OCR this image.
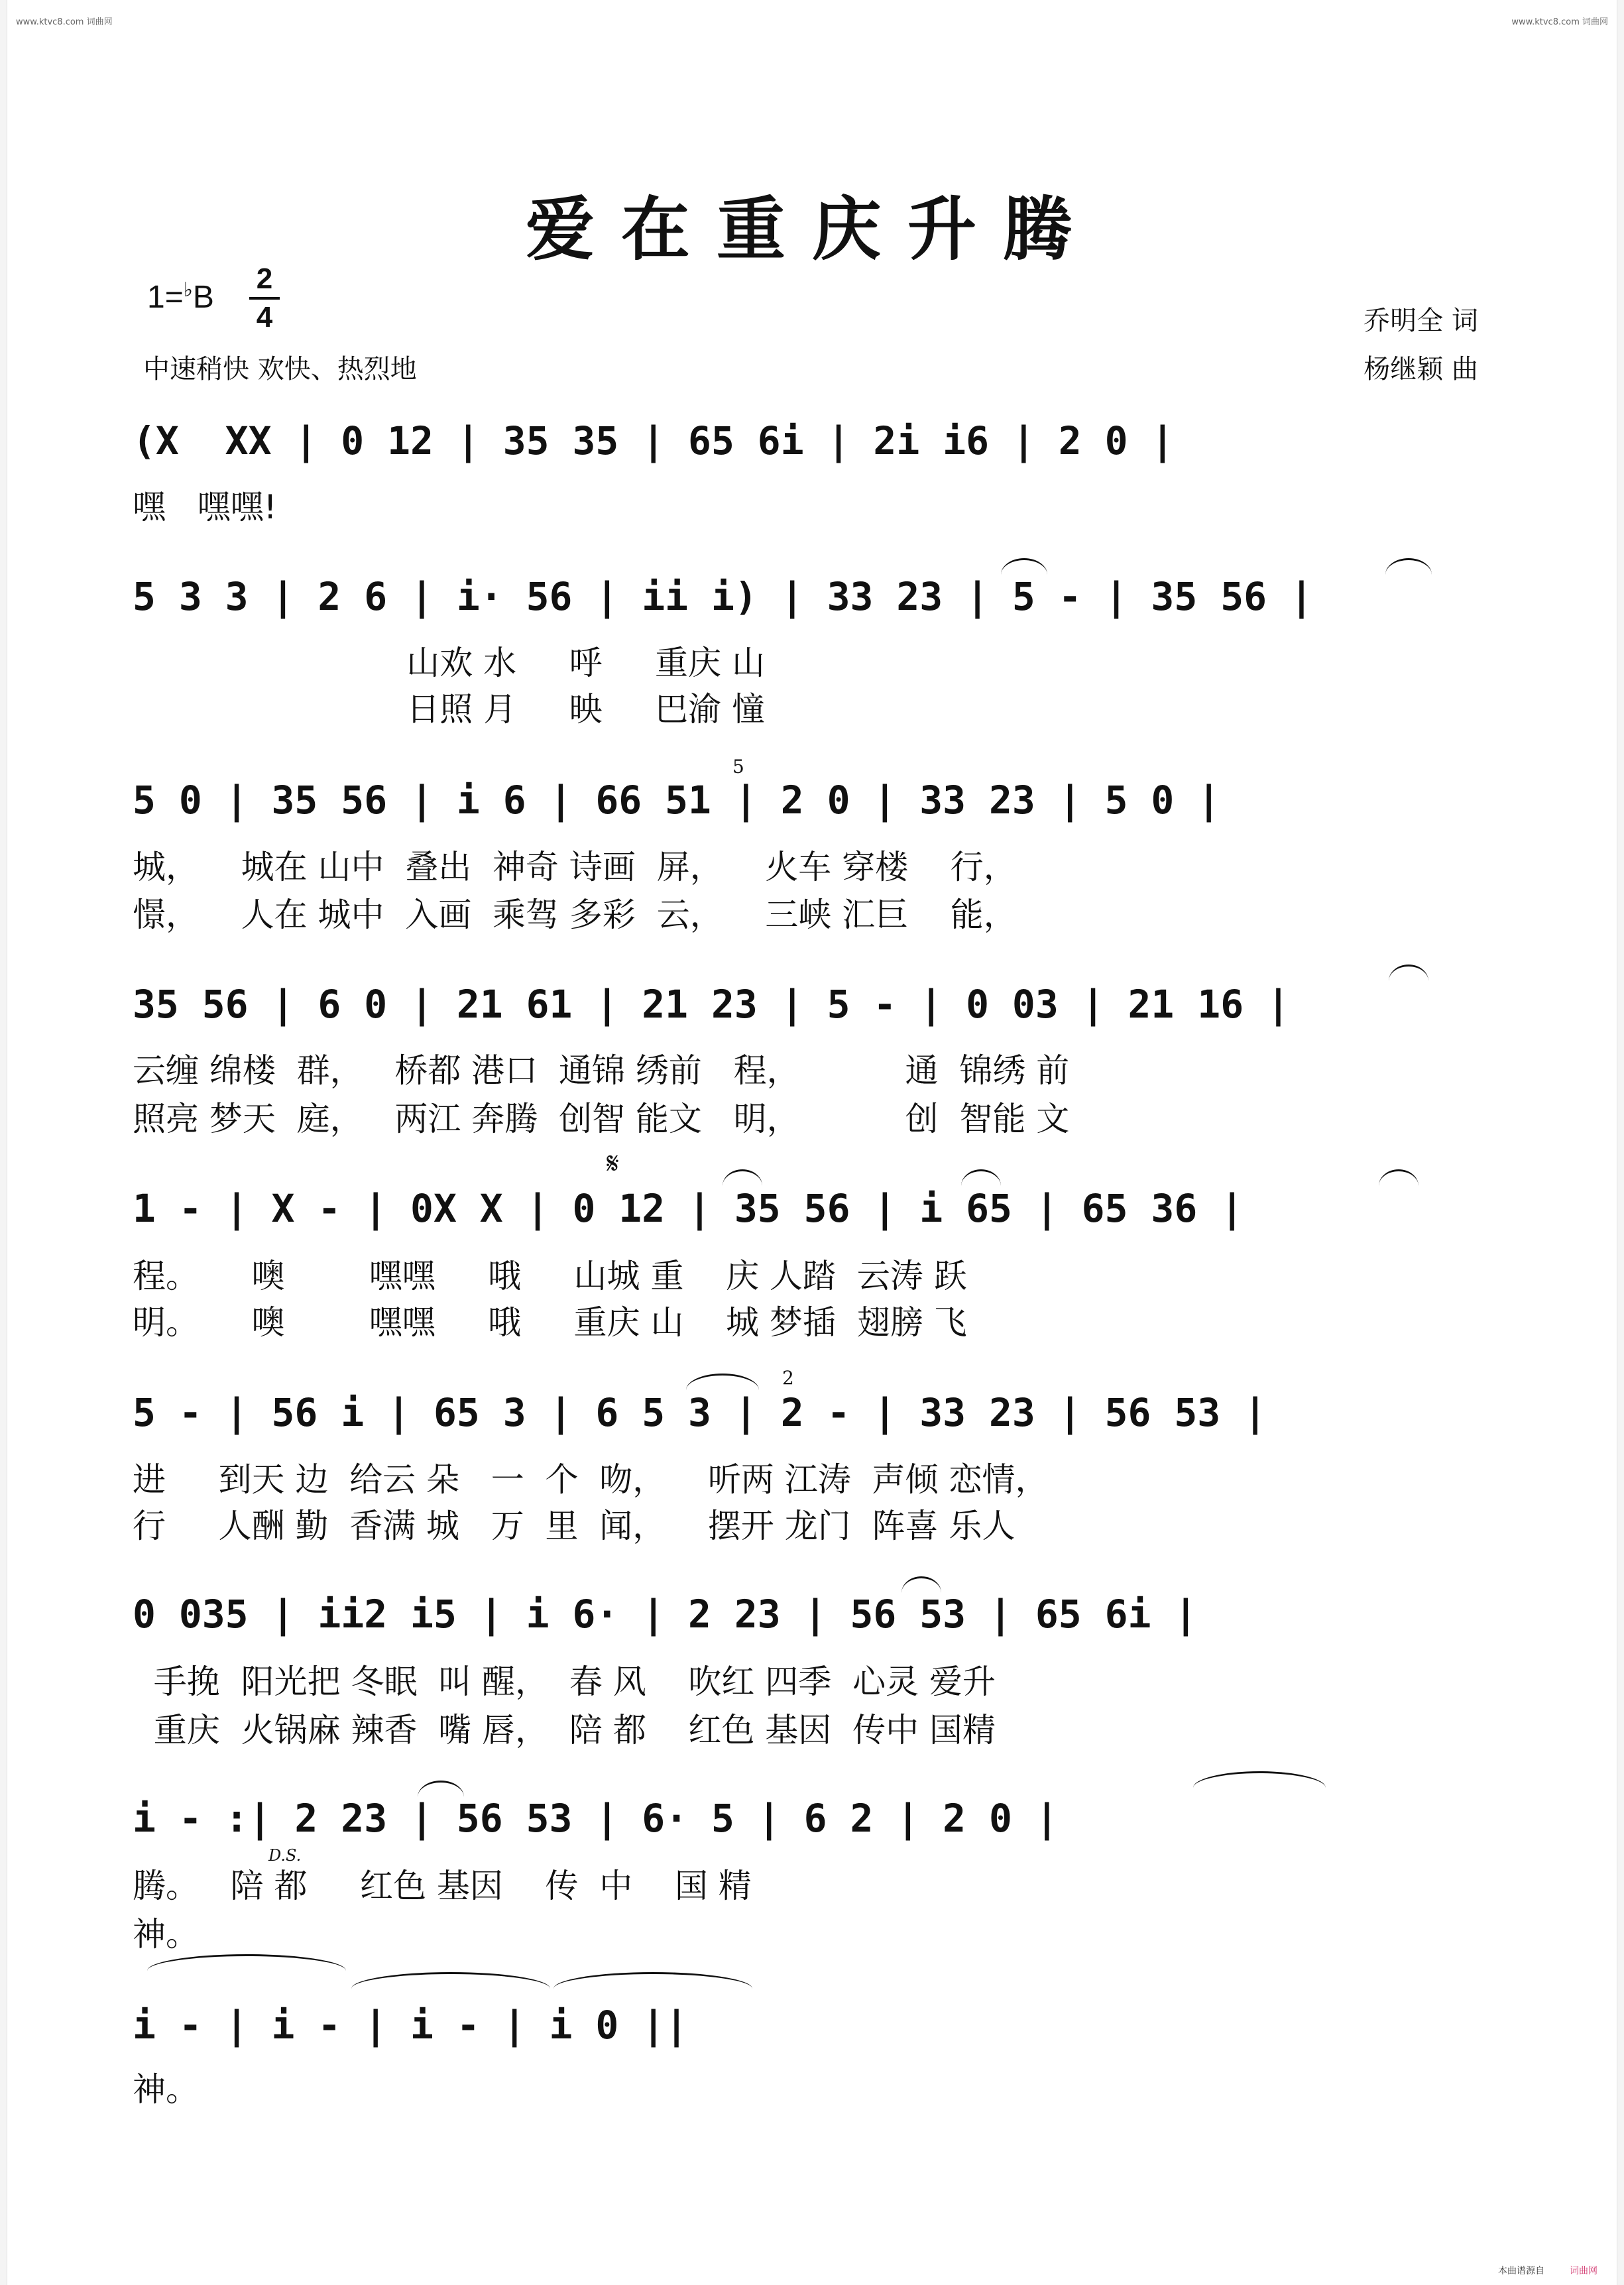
www.ktvc8.com 词曲网	www.ktvc8.com 词曲网
爱在重庆升腾
1=♭B
2
4
中速稍快 欢快、热烈地
乔明全 词
杨继颖 曲
(X  XX | 0 12 | 35 35 | 65 6i | 2i i6 | 2 0 |
嘿   嘿嘿!
5 3 3 | 2 6 | i· 56 | ii i) | 33 23 | 5 - | 35 56 |
山欢 水     呼     重庆 山
日照 月     映     巴渝 憧
5 0 | 35 56 | i 6 | 66 51 | 2 0 | 33 23 | 5 0 |
5
城，    城在 山中  叠出  神奇 诗画  屏，    火车 穿楼    行，
憬，    人在 城中  入画  乘驾 多彩  云，    三峡 汇巨    能，
35 56 | 6 0 | 21 61 | 21 23 | 5 - | 0 03 | 21 16 |
云缠 绵楼  群，   桥都 港口  通锦 绣前   程，          通  锦绣 前
照亮 梦天  庭，   两江 奔腾  创智 能文   明，          创  智能 文
1 - | X - | 0X X | 0 12 | 35 56 | i 65 | 65 36 |
𝄋
程。     噢        嘿嘿     哦     山城 重    庆 人踏  云涛 跃
明。     噢        嘿嘿     哦     重庆 山    城 梦插  翅膀 飞
5 - | 56 i | 65 3 | 6 5 3 | 2 - | 33 23 | 56 53 |
2
进     到天 边  给云 朵   一  个  吻，    听两 江涛  声倾 恋情，
行     人酬 勤  香满 城   万  里  闻，    摆开 龙门  阵喜 乐人
0 035 | ii2 i5 | i 6· | 2 23 | 56 53 | 65 6i |
手挽  阳光把 冬眠  叫 醒，  春 风    吹红 四季  心灵 爱升
重庆  火锅麻 辣香  嘴 唇，  陪 都    红色 基因  传中 国精
i - :| 2 23 | 56 53 | 6· 5 | 6 2 | 2 0 |
D.S.
腾。   陪 都     红色 基因    传  中    国 精
神。
i - | i - | i - | i 0 ||
神。
本曲谱源自	词曲网
